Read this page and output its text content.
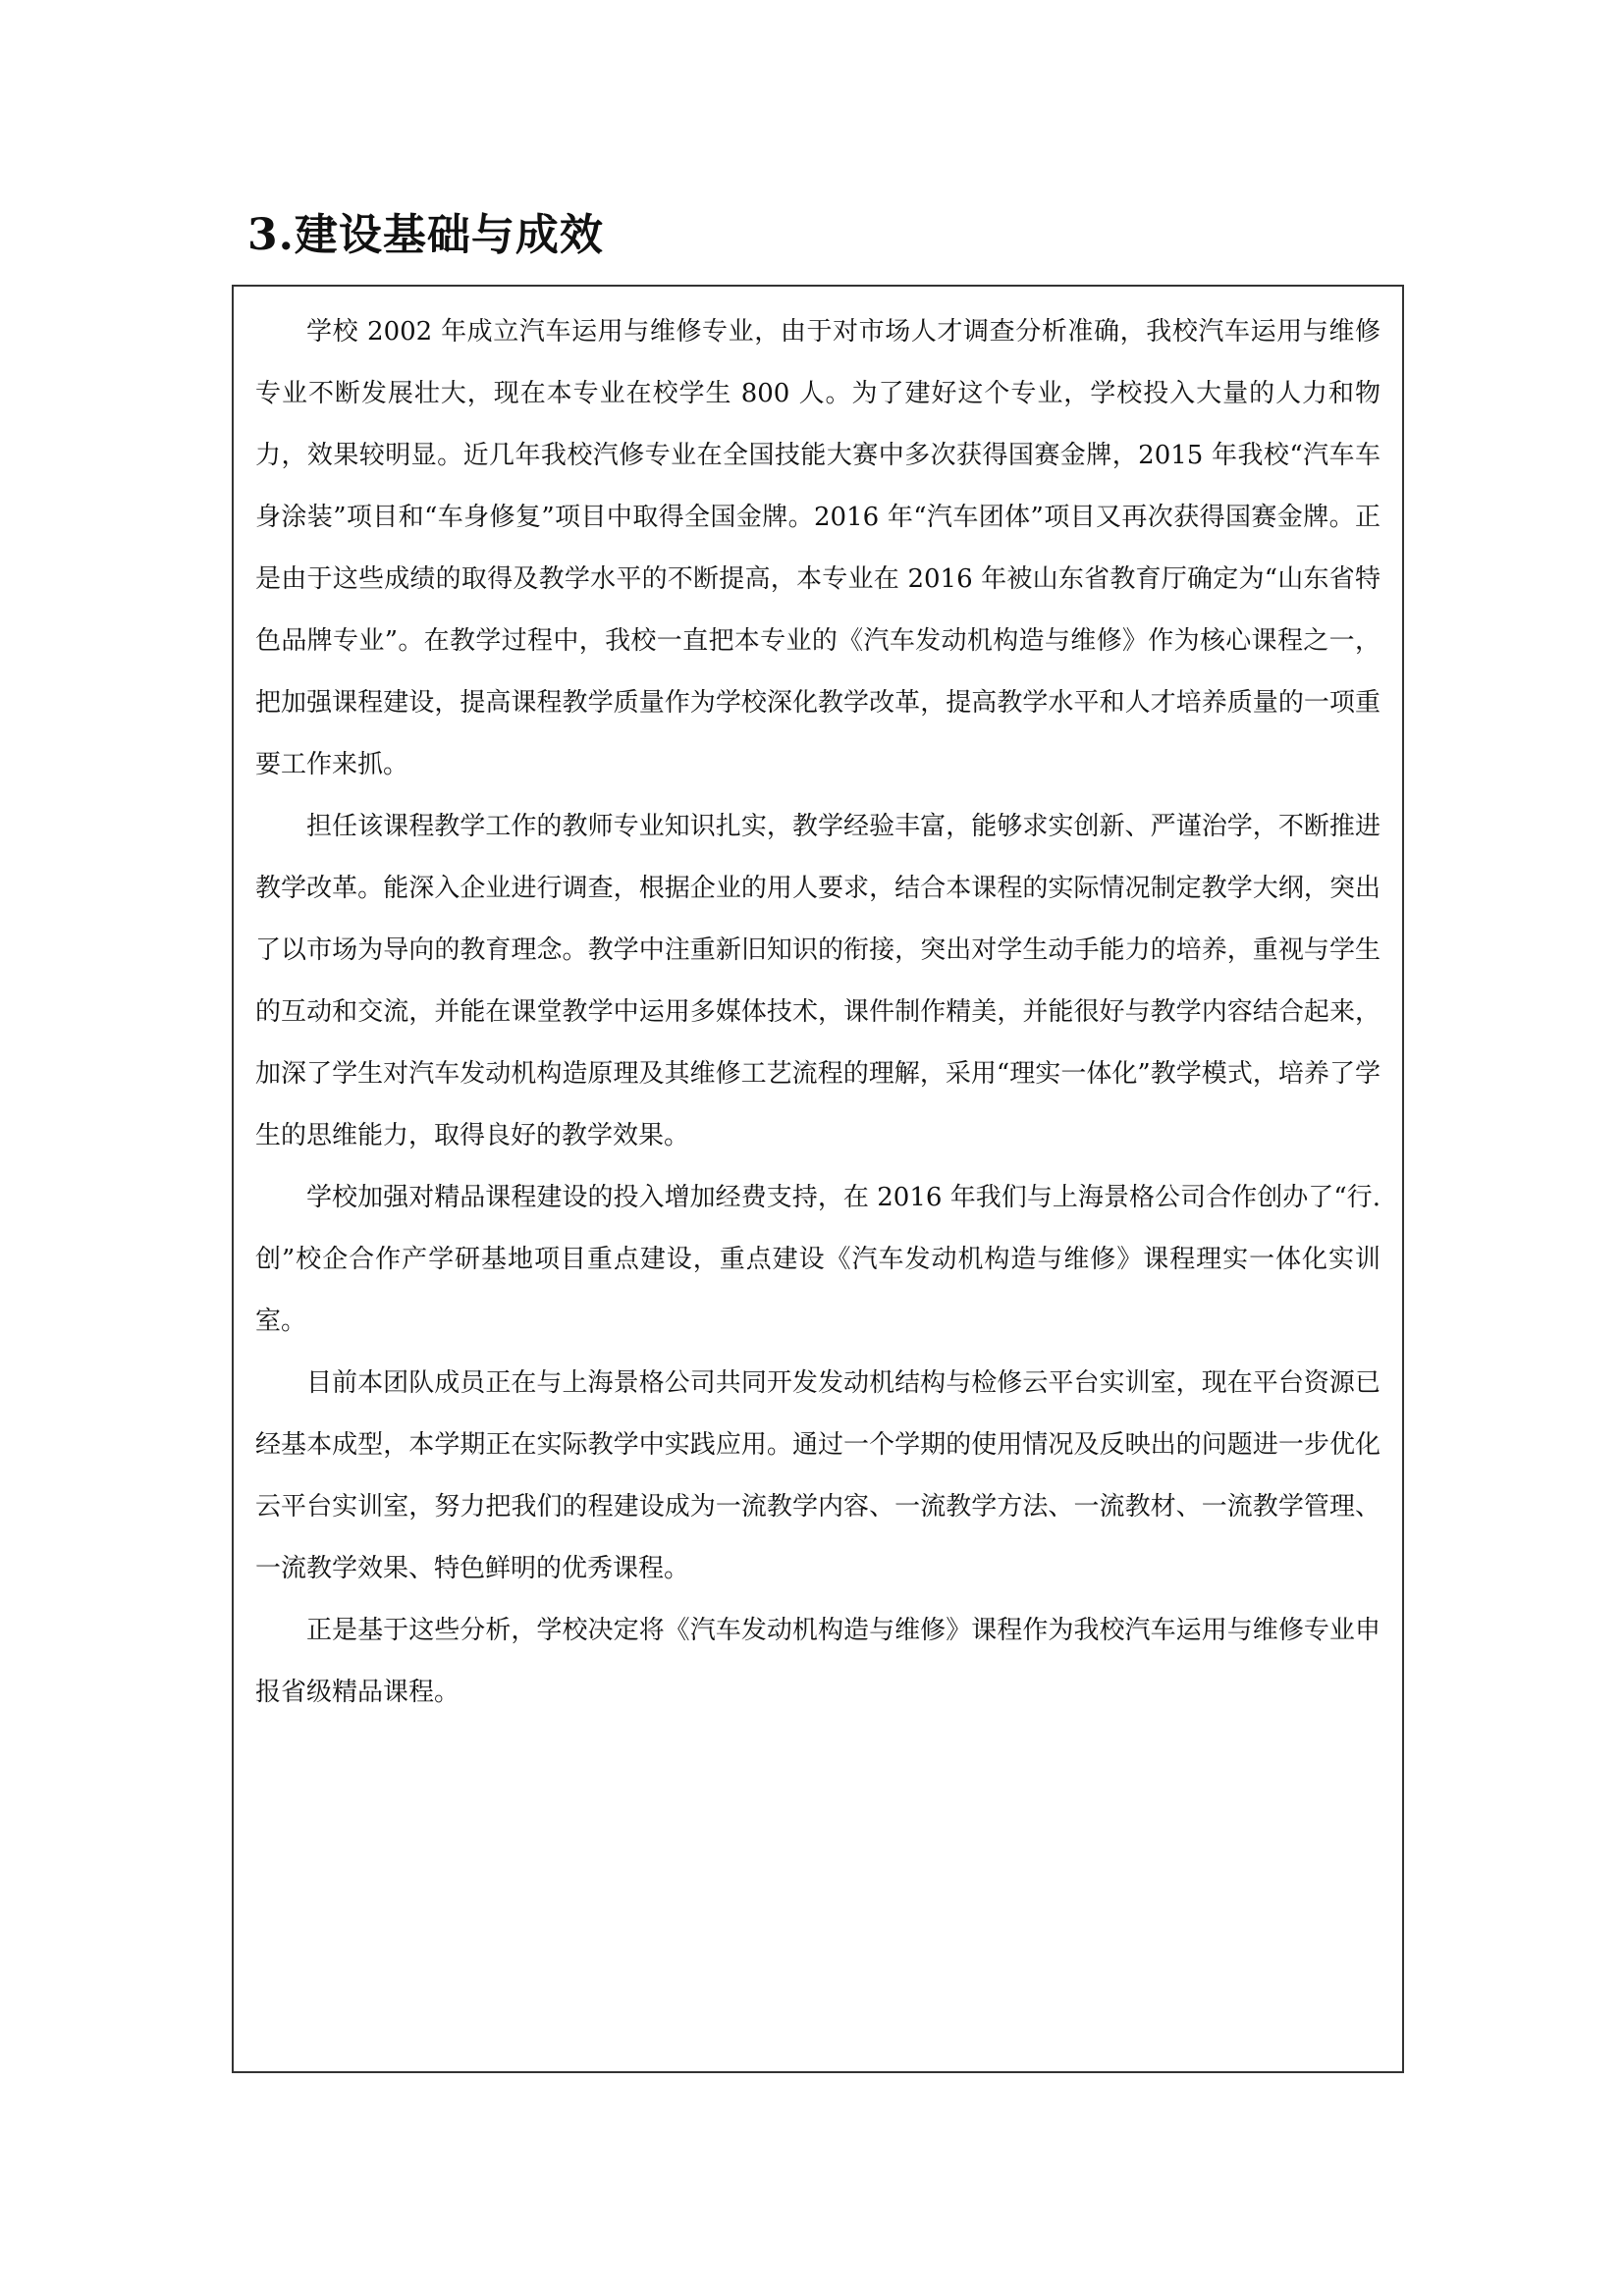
3.建设基础与成效

学校 2002 年成立汽车运用与维修专业，由于对市场人才调查分析准确，我校汽车运用与维修专业不断发展壮大，现在本专业在校学生 800 人。为了建好这个专业，学校投入大量的人力和物力，效果较明显。近几年我校汽修专业在全国技能大赛中多次获得国赛金牌，2015 年我校“汽车车身涂装”项目和“车身修复”项目中取得全国金牌。2016 年“汽车团体”项目又再次获得国赛金牌。正是由于这些成绩的取得及教学水平的不断提高，本专业在 2016 年被山东省教育厅确定为“山东省特色品牌专业”。在教学过程中，我校一直把本专业的《汽车发动机构造与维修》作为核心课程之一，把加强课程建设，提高课程教学质量作为学校深化教学改革，提高教学水平和人才培养质量的一项重要工作来抓。

担任该课程教学工作的教师专业知识扎实，教学经验丰富，能够求实创新、严谨治学，不断推进教学改革。能深入企业进行调查，根据企业的用人要求，结合本课程的实际情况制定教学大纲，突出了以市场为导向的教育理念。教学中注重新旧知识的衔接，突出对学生动手能力的培养，重视与学生的互动和交流，并能在课堂教学中运用多媒体技术，课件制作精美，并能很好与教学内容结合起来，加深了学生对汽车发动机构造原理及其维修工艺流程的理解，采用“理实一体化”教学模式，培养了学生的思维能力，取得良好的教学效果。

学校加强对精品课程建设的投入增加经费支持，在 2016 年我们与上海景格公司合作创办了“行.创”校企合作产学研基地项目重点建设，重点建设《汽车发动机构造与维修》课程理实一体化实训室。

目前本团队成员正在与上海景格公司共同开发发动机结构与检修云平台实训室，现在平台资源已经基本成型，本学期正在实际教学中实践应用。通过一个学期的使用情况及反映出的问题进一步优化云平台实训室，努力把我们的程建设成为一流教学内容、一流教学方法、一流教材、一流教学管理、一流教学效果、特色鲜明的优秀课程。

正是基于这些分析，学校决定将《汽车发动机构造与维修》课程作为我校汽车运用与维修专业申报省级精品课程。
